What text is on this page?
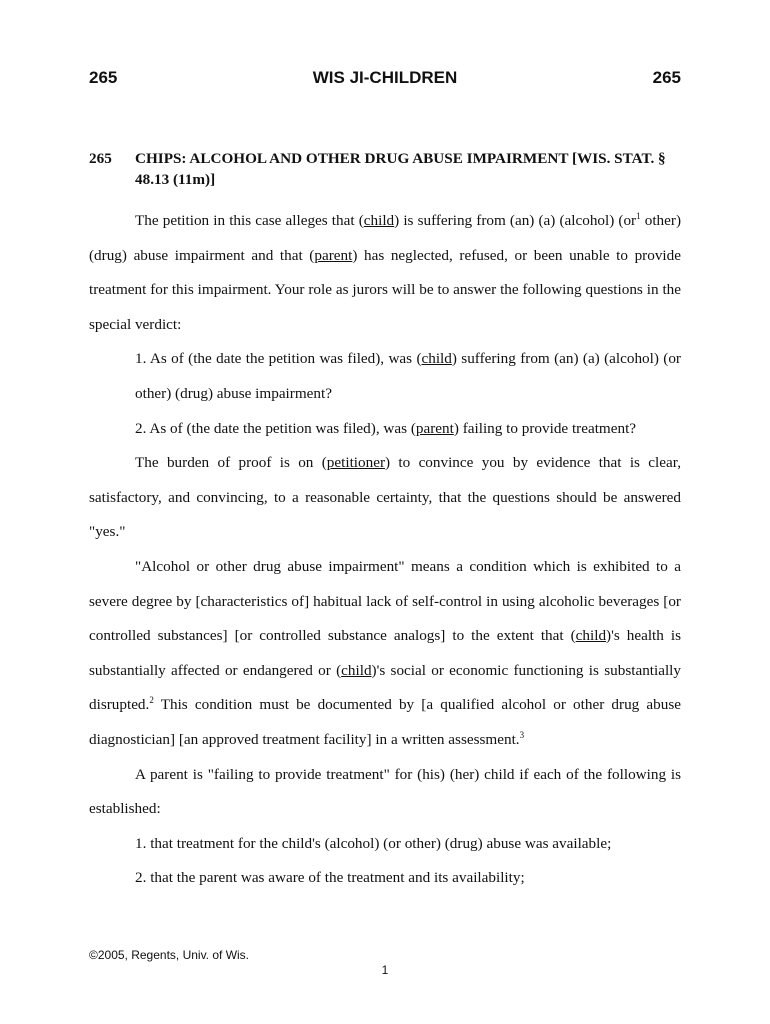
265	WIS JI-CHILDREN	265
265	CHIPS: ALCOHOL AND OTHER DRUG ABUSE IMPAIRMENT [WIS. STAT. § 48.13 (11m)]

The petition in this case alleges that (child) is suffering from (an) (a) (alcohol) ($or^1$ other) (drug) abuse impairment and that (parent) has neglected, refused, or been unable to provide treatment for this impairment. Your role as jurors will be to answer the following questions in the special verdict:

1. As of (the date the petition was filed), was (child) suffering from (an) (a) (alcohol) (or other) (drug) abuse impairment?

2. As of (the date the petition was filed), was (parent) failing to provide treatment?

The burden of proof is on (petitioner) to convince you by evidence that is clear, satisfactory, and convincing, to a reasonable certainty, that the questions should be answered "yes."

"Alcohol or other drug abuse impairment" means a condition which is exhibited to a severe degree by [characteristics of] habitual lack of self-control in using alcoholic beverages [or controlled substances] [or controlled substance analogs] to the extent that (child)'s health is substantially affected or endangered or (child)'s social or economic functioning is substantially disrupted.$^2$ This condition must be documented by [a qualified alcohol or other drug abuse diagnostician] [an approved treatment facility] in a written assessment.$^3$

A parent is "failing to provide treatment" for (his) (her) child if each of the following is established:

1. that treatment for the child's (alcohol) (or other) (drug) abuse was available;

2. that the parent was aware of the treatment and its availability;

©2005, Regents, Univ. of Wis.
1
